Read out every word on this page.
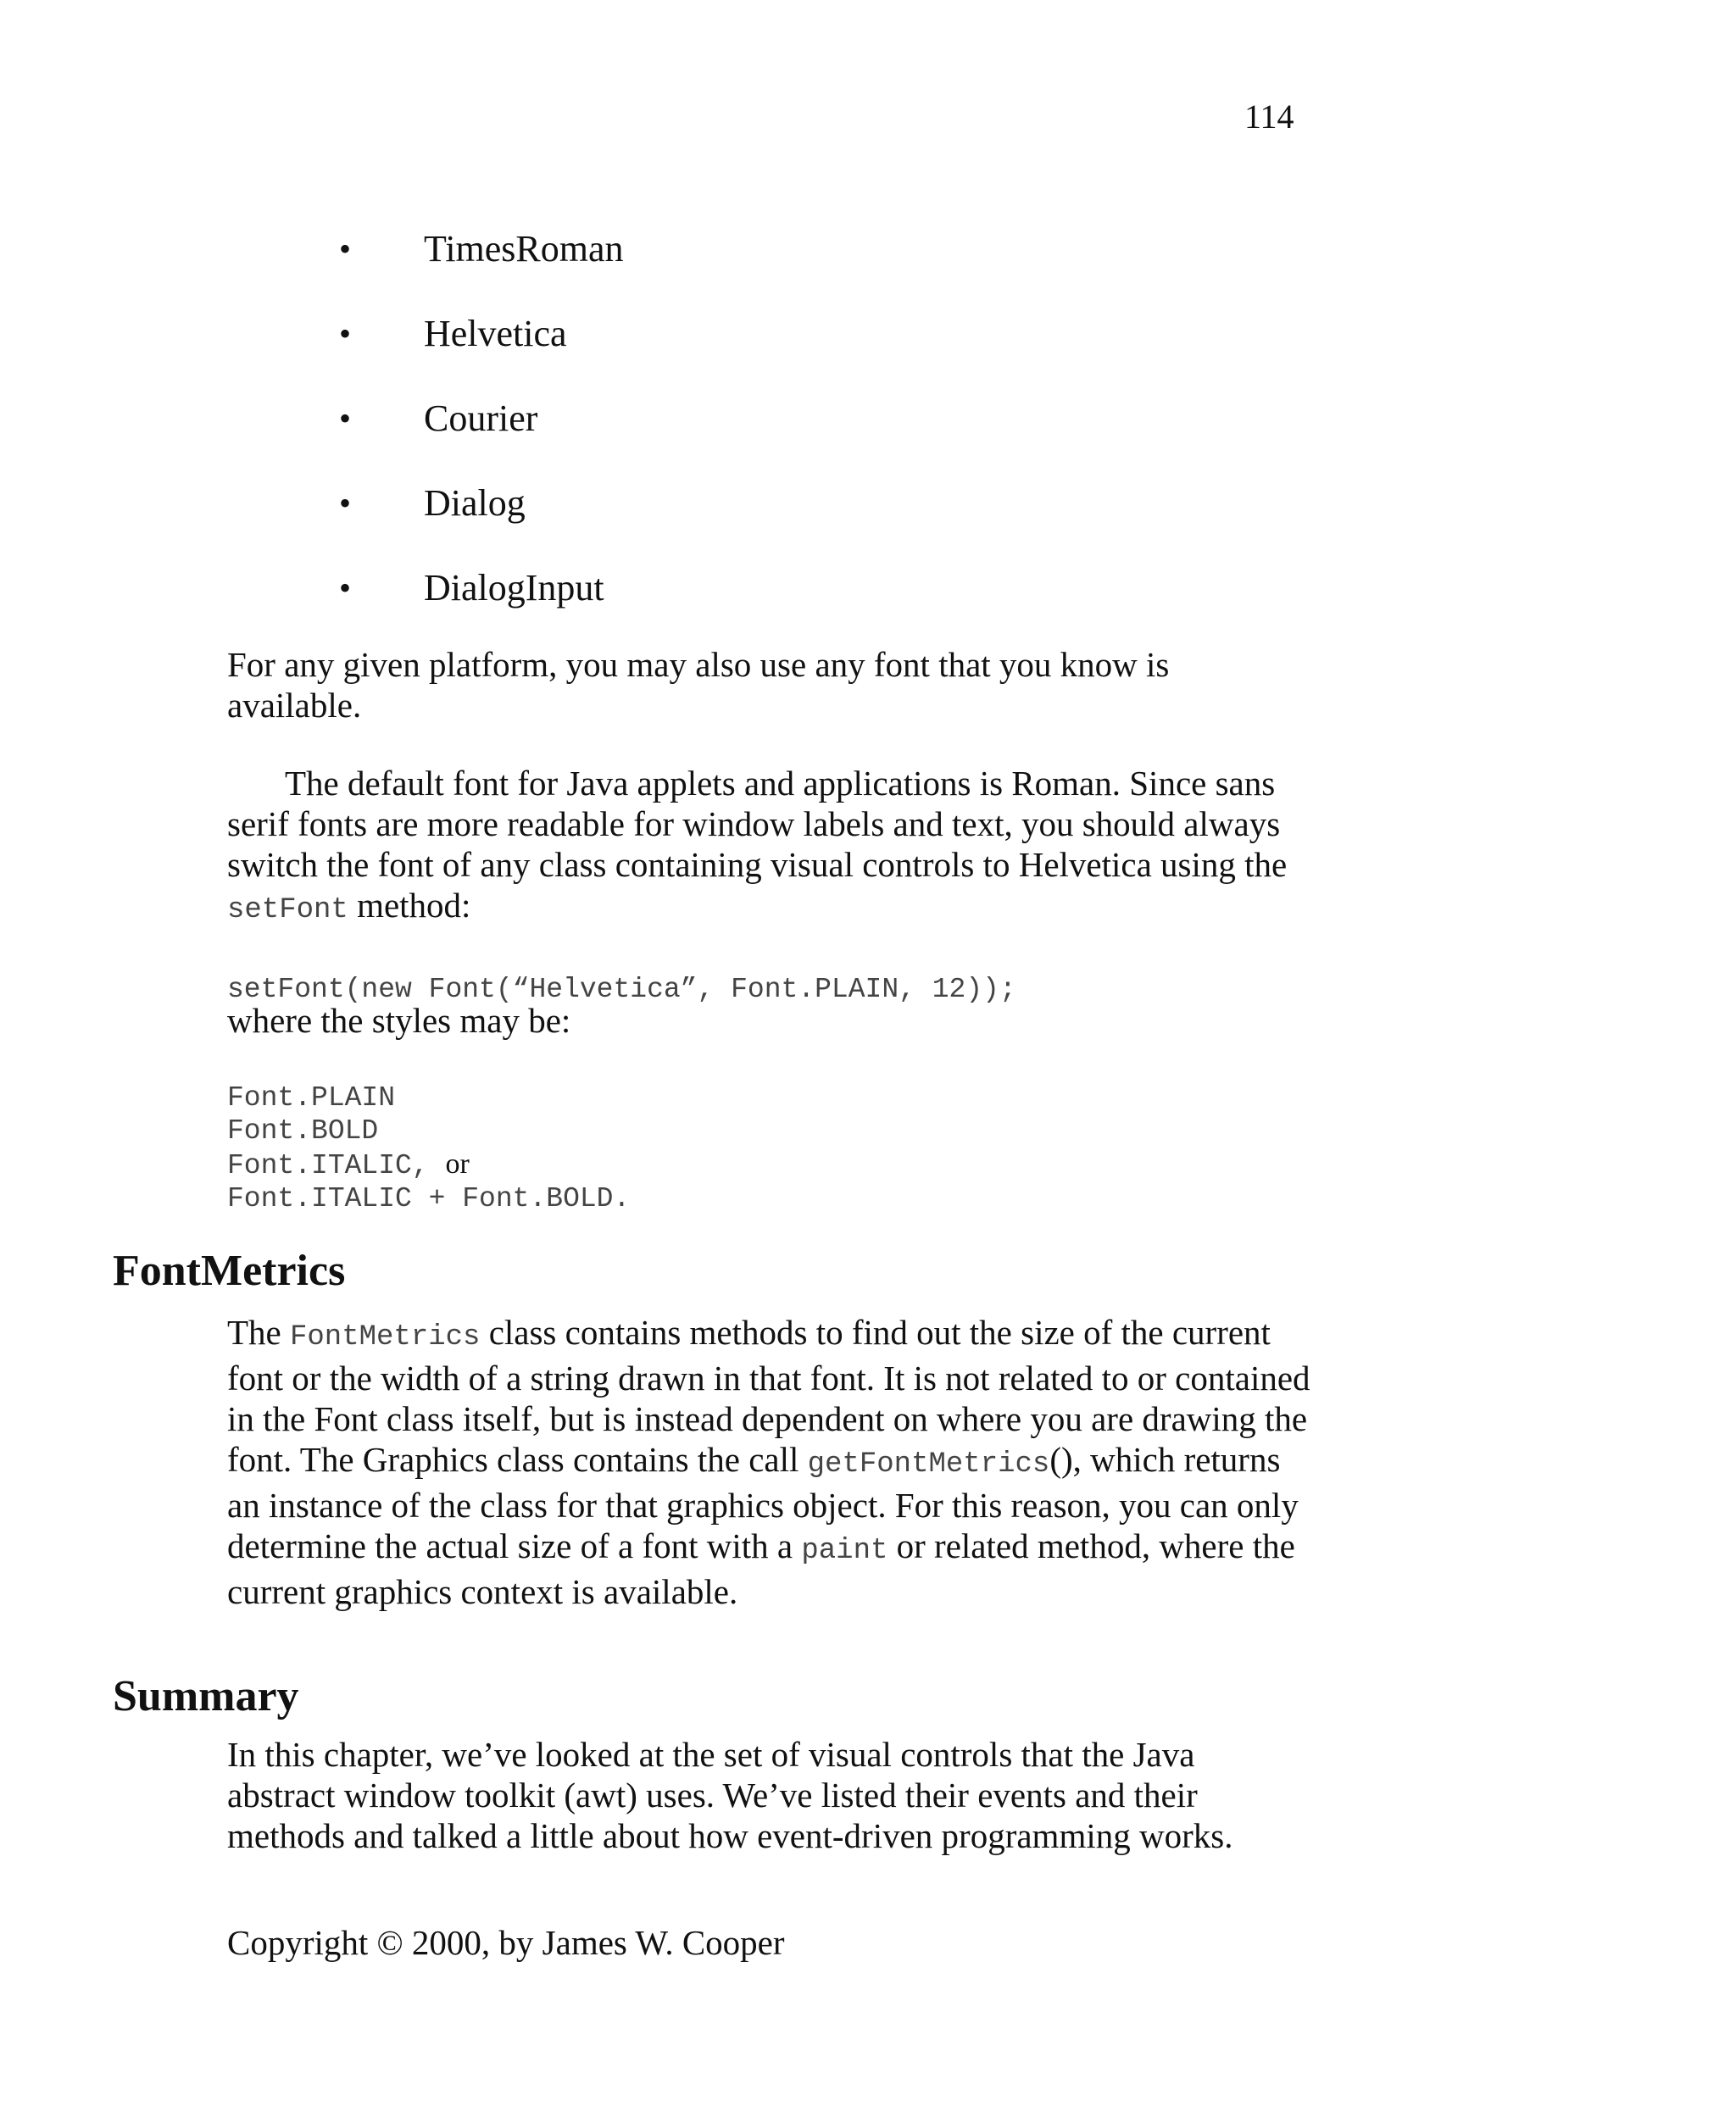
114
•	TimesRoman
•	Helvetica
•	Courier
•	Dialog
•	DialogInput

For any given platform, you may also use any font that you know is available.

The default font for Java applets and applications is Roman. Since sans serif fonts are more readable for window labels and text, you should always switch the font of any class containing visual controls to Helvetica using the setFont method:

setFont(new Font(“Helvetica”, Font.PLAIN, 12));
where the styles may be:
Font.PLAIN
Font.BOLD
Font.ITALIC, or
Font.ITALIC + Font.BOLD.
FontMetrics

The FontMetrics class contains methods to find out the size of the current font or the width of a string drawn in that font. It is not related to or contained in the Font class itself, but is instead dependent on where you are drawing the font. The Graphics class contains the call getFontMetrics(), which returns an instance of the class for that graphics object. For this reason, you can only determine the actual size of a font with a paint or related method, where the current graphics context is available.

Summary

In this chapter, we’ve looked at the set of visual controls that the Java abstract window toolkit (awt) uses. We’ve listed their events and their methods and talked a little about how event-driven programming works.

Copyright © 2000, by James W. Cooper
